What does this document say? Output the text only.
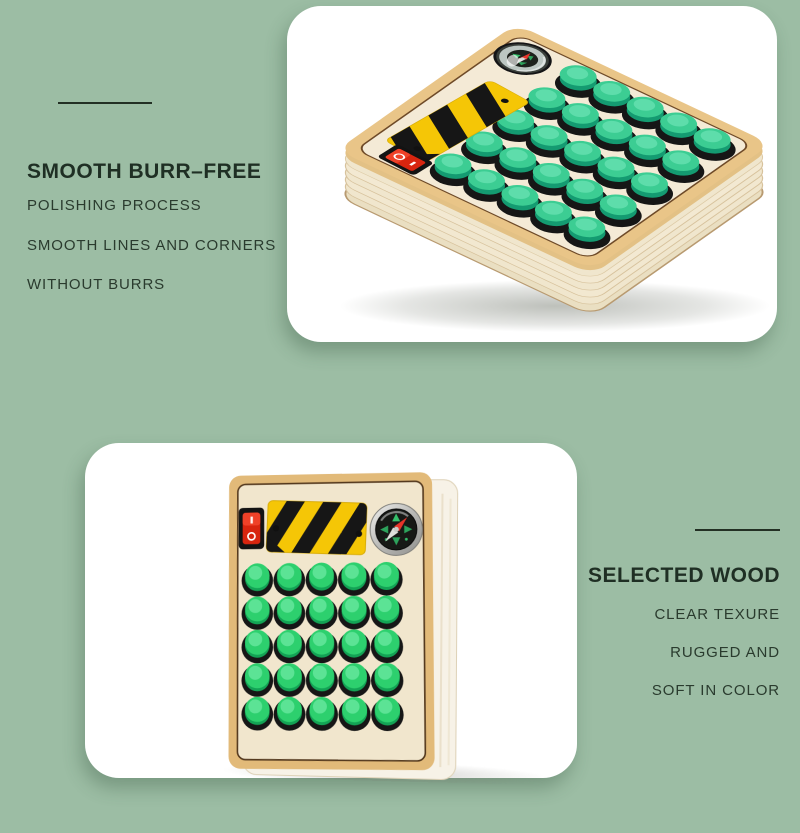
SMOOTH BURR–FREE

POLISHING PROCESS

SMOOTH LINES AND CORNERS

WITHOUT BURRS

SELECTED WOOD

CLEAR TEXURE

RUGGED AND

SOFT IN COLOR
